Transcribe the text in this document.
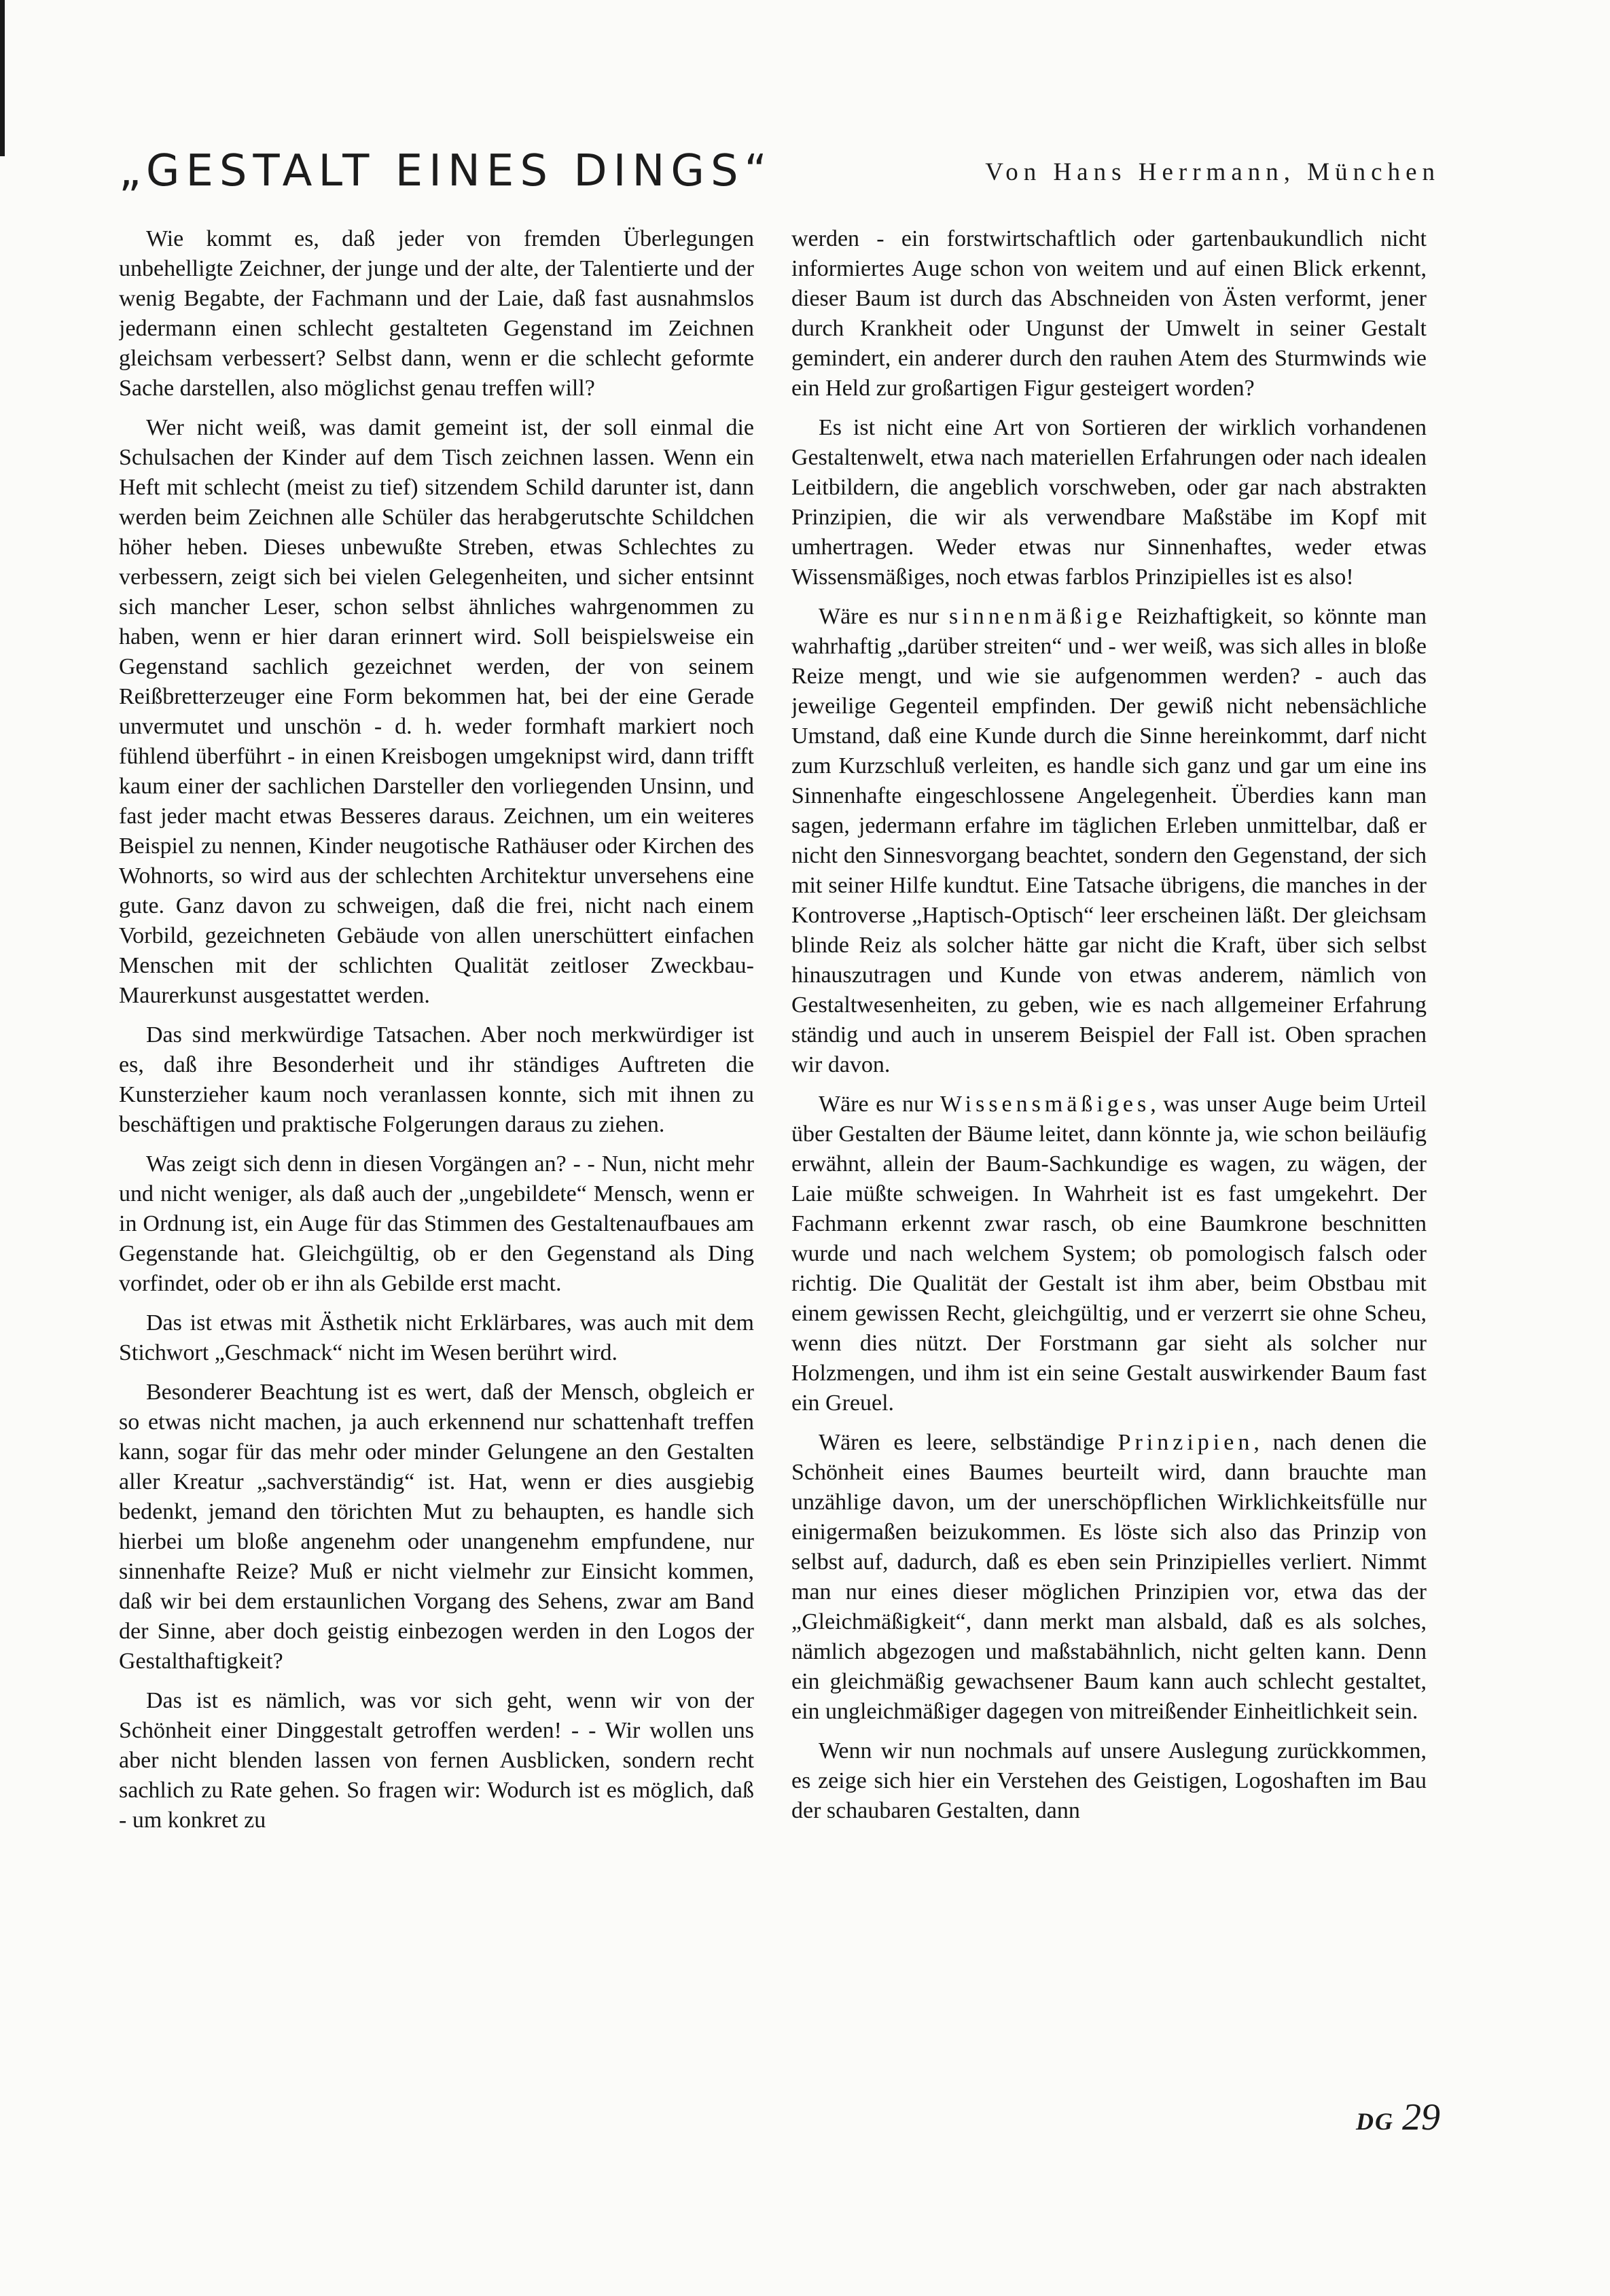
„GESTALT EINES DINGS“	Von Hans Herrmann, München

Wie kommt es, daß jeder von fremden Überlegungen unbehelligte Zeichner, der junge und der alte, der Talentierte und der wenig Begabte, der Fachmann und der Laie, daß fast ausnahmslos jedermann einen schlecht gestalteten Gegenstand im Zeichnen gleichsam verbessert? Selbst dann, wenn er die schlecht geformte Sache darstellen, also möglichst genau treffen will?

Wer nicht weiß, was damit gemeint ist, der soll einmal die Schulsachen der Kinder auf dem Tisch zeichnen lassen. Wenn ein Heft mit schlecht (meist zu tief) sitzendem Schild darunter ist, dann werden beim Zeichnen alle Schüler das herabgerutschte Schildchen höher heben. Dieses unbewußte Streben, etwas Schlechtes zu verbessern, zeigt sich bei vielen Gelegenheiten, und sicher entsinnt sich mancher Leser, schon selbst ähnliches wahrgenommen zu haben, wenn er hier daran erinnert wird. Soll beispielsweise ein Gegenstand sachlich gezeichnet werden, der von seinem Reißbretterzeuger eine Form bekommen hat, bei der eine Gerade unvermutet und unschön - d. h. weder formhaft markiert noch fühlend überführt - in einen Kreisbogen umgeknipst wird, dann trifft kaum einer der sachlichen Darsteller den vorliegenden Unsinn, und fast jeder macht etwas Besseres daraus. Zeichnen, um ein weiteres Beispiel zu nennen, Kinder neugotische Rathäuser oder Kirchen des Wohnorts, so wird aus der schlechten Architektur unversehens eine gute. Ganz davon zu schweigen, daß die frei, nicht nach einem Vorbild, gezeichneten Gebäude von allen unerschüttert einfachen Menschen mit der schlichten Qualität zeitloser Zweckbau-Maurerkunst ausgestattet werden.

Das sind merkwürdige Tatsachen. Aber noch merkwürdiger ist es, daß ihre Besonderheit und ihr ständiges Auftreten die Kunsterzieher kaum noch veranlassen konnte, sich mit ihnen zu beschäftigen und praktische Folgerungen daraus zu ziehen.

Was zeigt sich denn in diesen Vorgängen an? - - Nun, nicht mehr und nicht weniger, als daß auch der „ungebildete“ Mensch, wenn er in Ordnung ist, ein Auge für das Stimmen des Gestaltenaufbaues am Gegenstande hat. Gleichgültig, ob er den Gegenstand als Ding vorfindet, oder ob er ihn als Gebilde erst macht.

Das ist etwas mit Ästhetik nicht Erklärbares, was auch mit dem Stichwort „Geschmack“ nicht im Wesen berührt wird.

Besonderer Beachtung ist es wert, daß der Mensch, obgleich er so etwas nicht machen, ja auch erkennend nur schattenhaft treffen kann, sogar für das mehr oder minder Gelungene an den Gestalten aller Kreatur „sachverständig“ ist. Hat, wenn er dies ausgiebig bedenkt, jemand den törichten Mut zu behaupten, es handle sich hierbei um bloße angenehm oder unangenehm empfundene, nur sinnenhafte Reize? Muß er nicht vielmehr zur Einsicht kommen, daß wir bei dem erstaunlichen Vorgang des Sehens, zwar am Band der Sinne, aber doch geistig einbezogen werden in den Logos der Gestalthaftigkeit?

Das ist es nämlich, was vor sich geht, wenn wir von der Schönheit einer Dinggestalt getroffen werden! - - Wir wollen uns aber nicht blenden lassen von fernen Ausblicken, sondern recht sachlich zu Rate gehen. So fragen wir: Wodurch ist es möglich, daß - um konkret zu

werden - ein forstwirtschaftlich oder gartenbaukundlich nicht informiertes Auge schon von weitem und auf einen Blick erkennt, dieser Baum ist durch das Abschneiden von Ästen verformt, jener durch Krankheit oder Ungunst der Umwelt in seiner Gestalt gemindert, ein anderer durch den rauhen Atem des Sturmwinds wie ein Held zur großartigen Figur gesteigert worden?

Es ist nicht eine Art von Sortieren der wirklich vorhandenen Gestaltenwelt, etwa nach materiellen Erfahrungen oder nach idealen Leitbildern, die angeblich vorschweben, oder gar nach abstrakten Prinzipien, die wir als verwendbare Maßstäbe im Kopf mit umhertragen. Weder etwas nur Sinnenhaftes, weder etwas Wissensmäßiges, noch etwas farblos Prinzipielles ist es also!

Wäre es nur sinnenmäßige Reizhaftigkeit, so könnte man wahrhaftig „darüber streiten“ und - wer weiß, was sich alles in bloße Reize mengt, und wie sie aufgenommen werden? - auch das jeweilige Gegenteil empfinden. Der gewiß nicht nebensächliche Umstand, daß eine Kunde durch die Sinne hereinkommt, darf nicht zum Kurzschluß verleiten, es handle sich ganz und gar um eine ins Sinnenhafte eingeschlossene Angelegenheit. Überdies kann man sagen, jedermann erfahre im täglichen Erleben unmittelbar, daß er nicht den Sinnesvorgang beachtet, sondern den Gegenstand, der sich mit seiner Hilfe kundtut. Eine Tatsache übrigens, die manches in der Kontroverse „Haptisch-Optisch“ leer erscheinen läßt. Der gleichsam blinde Reiz als solcher hätte gar nicht die Kraft, über sich selbst hinauszutragen und Kunde von etwas anderem, nämlich von Gestaltwesenheiten, zu geben, wie es nach allgemeiner Erfahrung ständig und auch in unserem Beispiel der Fall ist. Oben sprachen wir davon.

Wäre es nur Wissensmäßiges, was unser Auge beim Urteil über Gestalten der Bäume leitet, dann könnte ja, wie schon beiläufig erwähnt, allein der Baum-Sachkundige es wagen, zu wägen, der Laie müßte schweigen. In Wahrheit ist es fast umgekehrt. Der Fachmann erkennt zwar rasch, ob eine Baumkrone beschnitten wurde und nach welchem System; ob pomologisch falsch oder richtig. Die Qualität der Gestalt ist ihm aber, beim Obstbau mit einem gewissen Recht, gleichgültig, und er verzerrt sie ohne Scheu, wenn dies nützt. Der Forstmann gar sieht als solcher nur Holzmengen, und ihm ist ein seine Gestalt auswirkender Baum fast ein Greuel.

Wären es leere, selbständige Prinzipien, nach denen die Schönheit eines Baumes beurteilt wird, dann brauchte man unzählige davon, um der unerschöpflichen Wirklichkeitsfülle nur einigermaßen beizukommen. Es löste sich also das Prinzip von selbst auf, dadurch, daß es eben sein Prinzipielles verliert. Nimmt man nur eines dieser möglichen Prinzipien vor, etwa das der „Gleichmäßigkeit“, dann merkt man alsbald, daß es als solches, nämlich abgezogen und maßstabähnlich, nicht gelten kann. Denn ein gleichmäßig gewachsener Baum kann auch schlecht gestaltet, ein ungleichmäßiger dagegen von mitreißender Einheitlichkeit sein.

Wenn wir nun nochmals auf unsere Auslegung zurückkommen, es zeige sich hier ein Verstehen des Geistigen, Logoshaften im Bau der schaubaren Gestalten, dann

DG 29
